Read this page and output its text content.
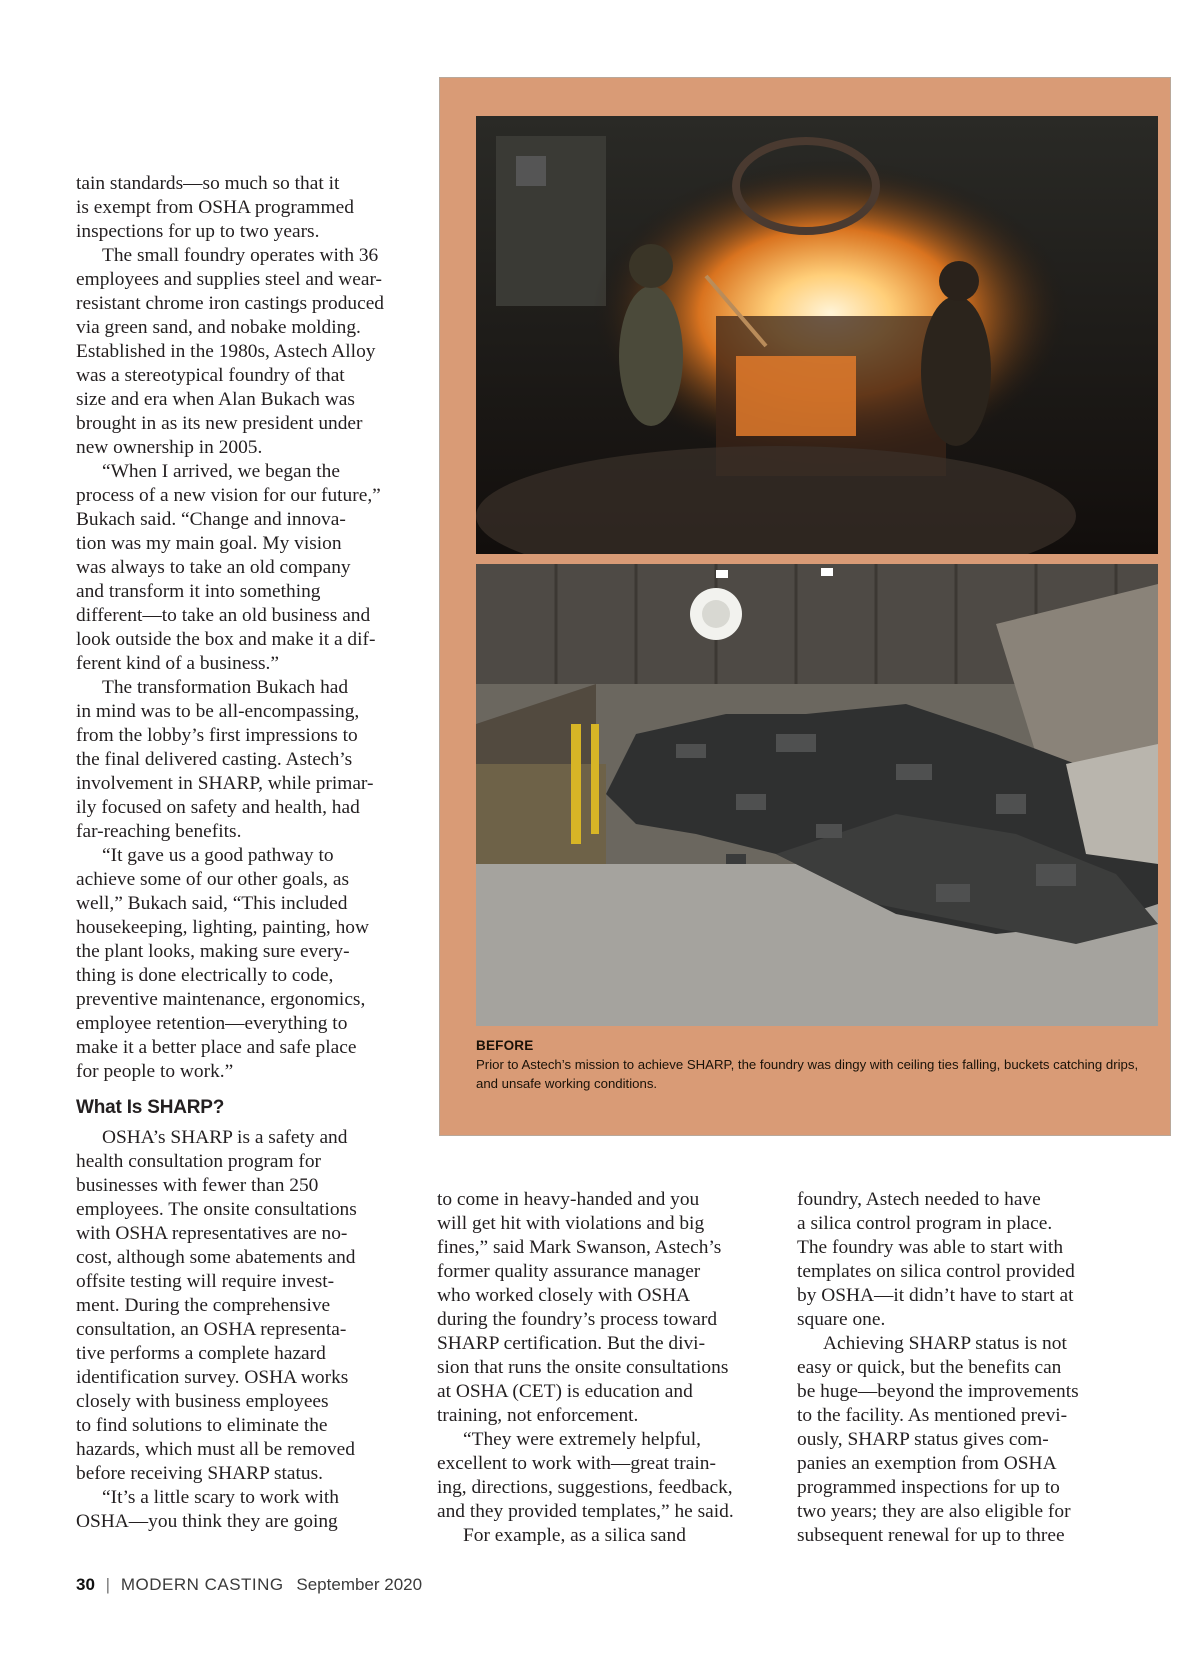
tain standards—so much so that it

is exempt from OSHA programmed

inspections for up to two years.

The small foundry operates with 36

employees and supplies steel and wear-

resistant chrome iron castings produced

via green sand, and nobake molding.

Established in the 1980s, Astech Alloy

was a stereotypical foundry of that

size and era when Alan Bukach was

brought in as its new president under

new ownership in 2005.

“When I arrived, we began the

process of a new vision for our future,”

Bukach said. “Change and innova-

tion was my main goal. My vision

was always to take an old company

and transform it into something

different—to take an old business and

look outside the box and make it a dif-

ferent kind of a business.”

The transformation Bukach had

in mind was to be all-encompassing,

from the lobby’s first impressions to

the final delivered casting. Astech’s

involvement in SHARP, while primar-

ily focused on safety and health, had

far-reaching benefits.

“It gave us a good pathway to

achieve some of our other goals, as

well,” Bukach said, “This included

housekeeping, lighting, painting, how

the plant looks, making sure every-

thing is done electrically to code,

preventive maintenance, ergonomics,

employee retention—everything to

make it a better place and safe place

for people to work.”

What Is SHARP?

OSHA’s SHARP is a safety and

health consultation program for

businesses with fewer than 250

employees. The onsite consultations

with OSHA representatives are no-

cost, although some abatements and

offsite testing will require invest-

ment. During the comprehensive

consultation, an OSHA representa-

tive performs a complete hazard

identification survey. OSHA works

closely with business employees

to find solutions to eliminate the

hazards, which must all be removed

before receiving SHARP status.

“It’s a little scary to work with

OSHA—you think they are going

BEFORE
Prior to Astech’s mission to achieve SHARP, the foundry was dingy with ceiling ties falling, buckets catching drips, and unsafe working conditions.

to come in heavy-handed and you

will get hit with violations and big

fines,” said Mark Swanson, Astech’s

former quality assurance manager

who worked closely with OSHA

during the foundry’s process toward

SHARP certification. But the divi-

sion that runs the onsite consultations

at OSHA (CET) is education and

training, not enforcement.

“They were extremely helpful,

excellent to work with—great train-

ing, directions, suggestions, feedback,

and they provided templates,” he said.

For example, as a silica sand

foundry, Astech needed to have

a silica control program in place.

The foundry was able to start with

templates on silica control provided

by OSHA—it didn’t have to start at

square one.

Achieving SHARP status is not

easy or quick, but the benefits can

be huge—beyond the improvements

to the facility. As mentioned previ-

ously, SHARP status gives com-

panies an exemption from OSHA

programmed inspections for up to

two years; they are also eligible for

subsequent renewal for up to three

30 | MODERN CASTING September 2020
